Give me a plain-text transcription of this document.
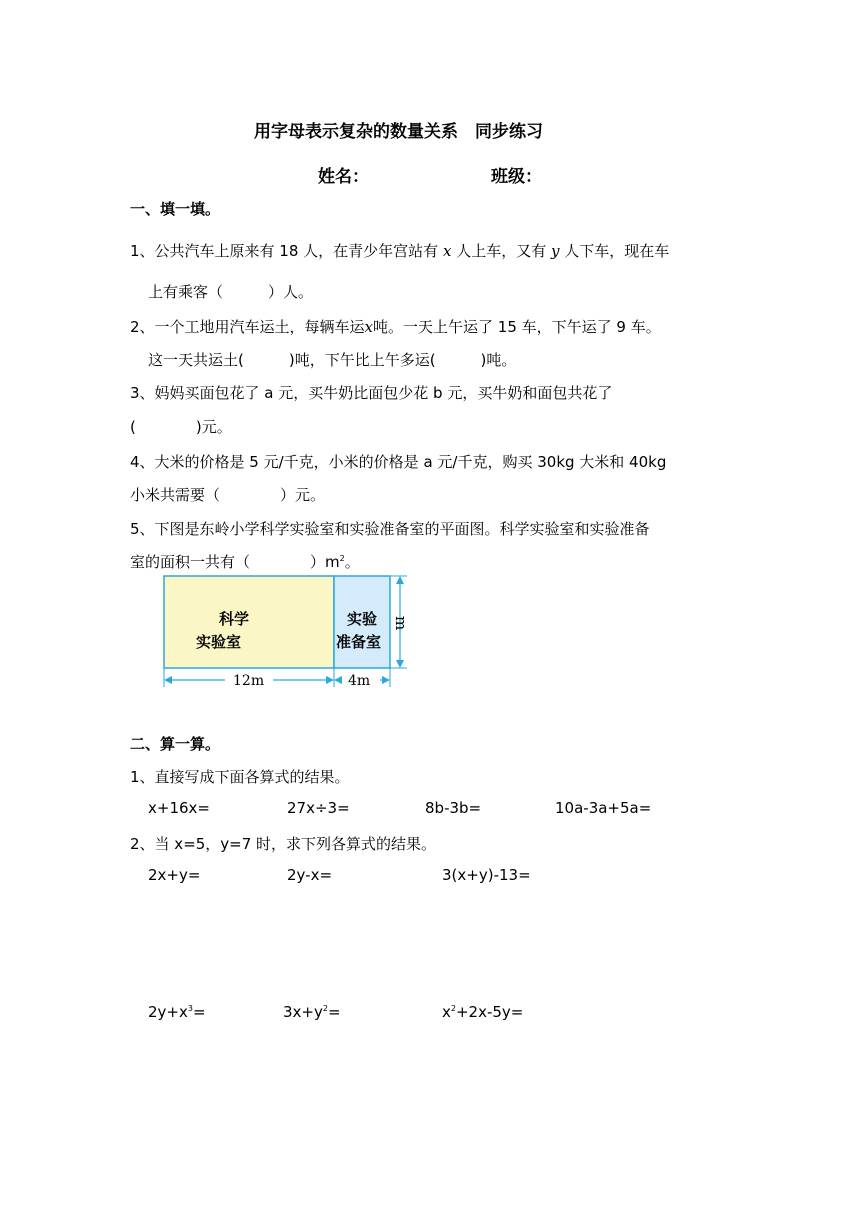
用字母表示复杂的数量关系　同步练习
姓名：	班级：
一、填一填。
1、公共汽车上原来有 18 人，在青少年宫站有 x 人上车，又有 y 人下车，现在车
上有乘客（　　　）人。
2、一个工地用汽车运土，每辆车运x吨。一天上午运了 15 车，下午运了 9 车。
这一天共运土(　　　)吨，下午比上午多运(　　　)吨。
3、妈妈买面包花了 a 元，买牛奶比面包少花 b 元，买牛奶和面包共花了
(　　　　)元。
4、大米的价格是 5 元/千克，小米的价格是 a 元/千克，购买 30kg 大米和 40kg
小米共需要（　　　　）元。
5、下图是东岭小学科学实验室和实验准备室的平面图。科学实验室和实验准备
室的面积一共有（　　　　）$m^2$。
科学
实验室
实验
准备室
m
12m	4m
二、算一算。
1、直接写成下面各算式的结果。
x+16x=	27x÷3=	8b-3b=	10a-3a+5a=
2、当 x=5，y=7 时，求下列各算式的结果。
2x+y=	2y-x=	3(x+y)-13=
$2y+x^3=$	$3x+y^2=$	$x^2+2x-5y=$
